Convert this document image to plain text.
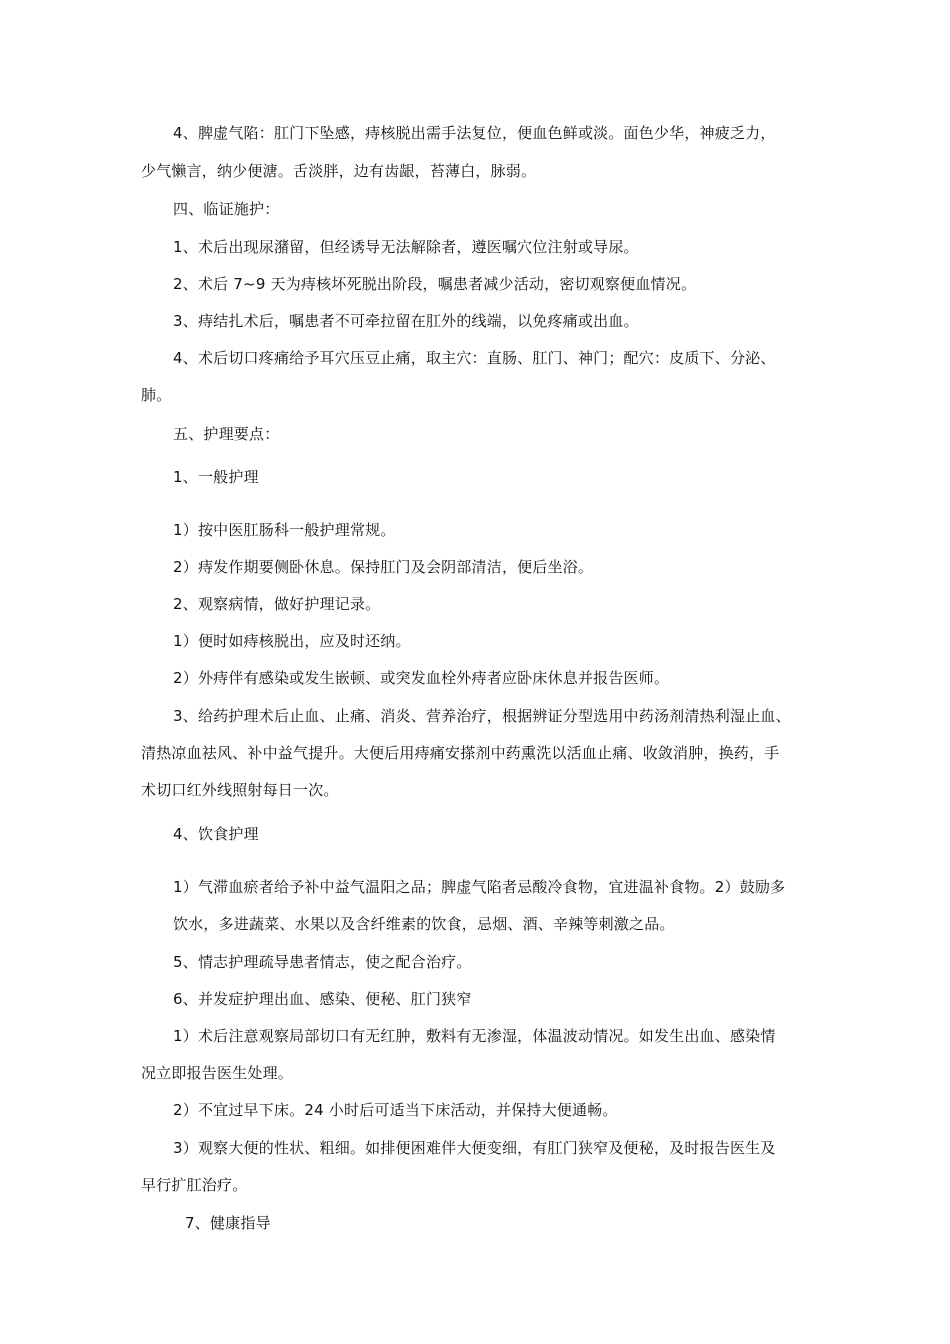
4、脾虚气陷：肛门下坠感，痔核脱出需手法复位，便血色鲜或淡。面色少华，神疲乏力，
少气懒言，纳少便溏。舌淡胖，边有齿龈，苔薄白，脉弱。
四、临证施护：
1、术后出现尿潴留，但经诱导无法解除者，遵医嘱穴位注射或导尿。
2、术后 7~9 天为痔核坏死脱出阶段，嘱患者减少活动，密切观察便血情况。
3、痔结扎术后，嘱患者不可牵拉留在肛外的线端，以免疼痛或出血。
4、术后切口疼痛给予耳穴压豆止痛，取主穴：直肠、肛门、神门；配穴：皮质下、分泌、
肺。
五、护理要点：
1、一般护理
1）按中医肛肠科一般护理常规。
2）痔发作期要侧卧休息。保持肛门及会阴部清洁，便后坐浴。
2、观察病情，做好护理记录。
1）便时如痔核脱出，应及时还纳。
2）外痔伴有感染或发生嵌顿、或突发血栓外痔者应卧床休息并报告医师。
3、给药护理术后止血、止痛、消炎、营养治疗，根据辨证分型选用中药汤剂清热利湿止血、
清热凉血祛风、补中益气提升。大便后用痔痛安搽剂中药熏洗以活血止痛、收敛消肿，换药，手
术切口红外线照射每日一次。
4、饮食护理
1）气滞血瘀者给予补中益气温阳之品；脾虚气陷者忌酸冷食物，宜进温补食物。2）鼓励多
饮水，多进蔬菜、水果以及含纤维素的饮食，忌烟、酒、辛辣等刺激之品。
5、情志护理疏导患者情志，使之配合治疗。
6、并发症护理出血、感染、便秘、肛门狭窄
1）术后注意观察局部切口有无红肿，敷料有无渗湿，体温波动情况。如发生出血、感染情
况立即报告医生处理。
2）不宜过早下床。24 小时后可适当下床活动，并保持大便通畅。
3）观察大便的性状、粗细。如排便困难伴大便变细，有肛门狭窄及便秘，及时报告医生及
早行扩肛治疗。
7、健康指导
